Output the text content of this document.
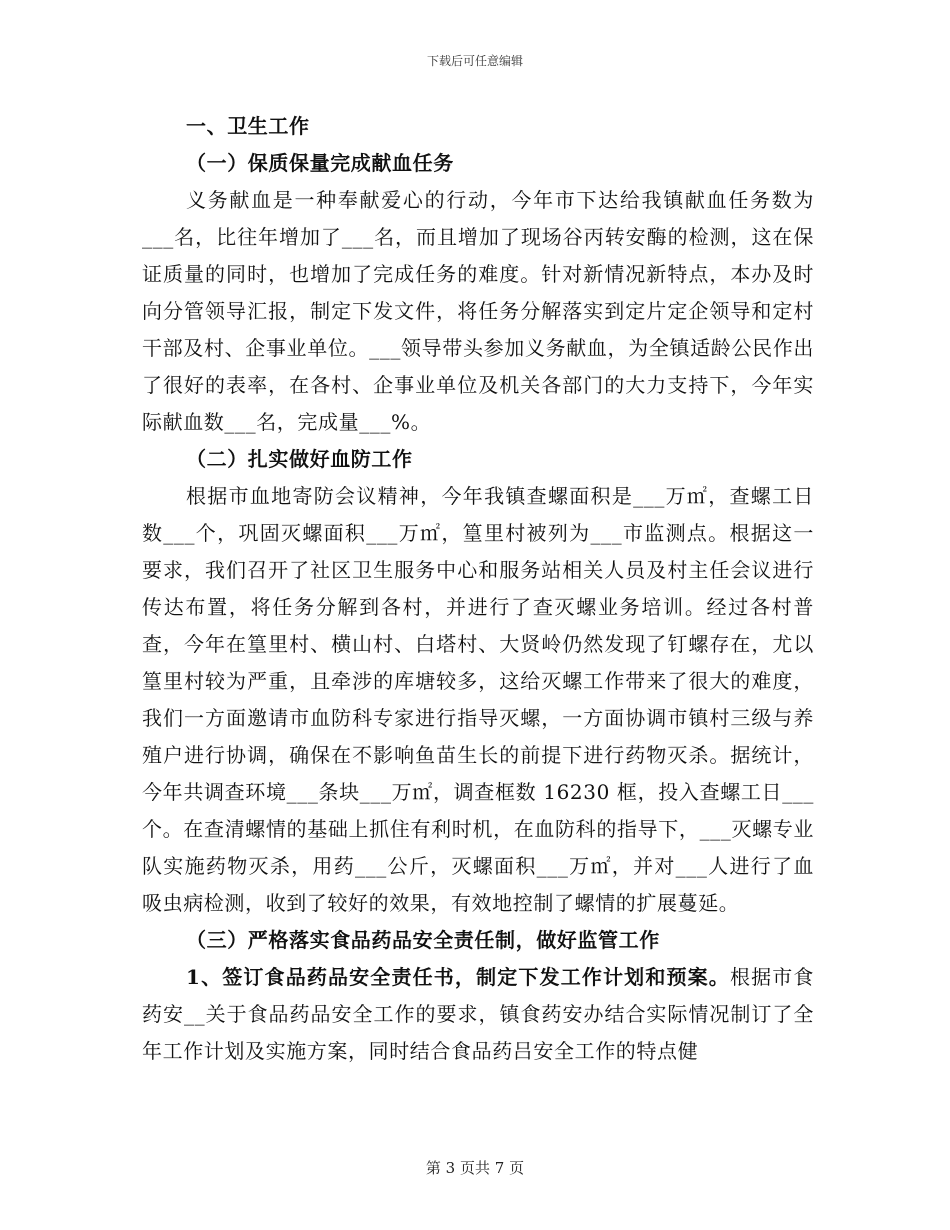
下载后可任意编辑

一、卫生工作

（一）保质保量完成献血任务

义务献血是一种奉献爱心的行动，今年市下达给我镇献血任务数为___名，比往年增加了___名，而且增加了现场谷丙转安酶的检测，这在保证质量的同时，也增加了完成任务的难度。针对新情况新特点，本办及时向分管领导汇报，制定下发文件，将任务分解落实到定片定企领导和定村干部及村、企事业单位。___领导带头参加义务献血，为全镇适龄公民作出了很好的表率，在各村、企事业单位及机关各部门的大力支持下，今年实际献血数___名，完成量___%。

（二）扎实做好血防工作

根据市血地寄防会议精神，今年我镇查螺面积是___万㎡，查螺工日数___个，巩固灭螺面积___万㎡，篁里村被列为___市监测点。根据这一要求，我们召开了社区卫生服务中心和服务站相关人员及村主任会议进行传达布置，将任务分解到各村，并进行了查灭螺业务培训。经过各村普查，今年在篁里村、横山村、白塔村、大贤岭仍然发现了钉螺存在，尤以篁里村较为严重，且牵涉的库塘较多，这给灭螺工作带来了很大的难度，我们一方面邀请市血防科专家进行指导灭螺，一方面协调市镇村三级与养殖户进行协调，确保在不影响鱼苗生长的前提下进行药物灭杀。据统计，今年共调查环境___条块___万㎡，调查框数 16230 框，投入查螺工日___个。在查清螺情的基础上抓住有利时机，在血防科的指导下，___灭螺专业队实施药物灭杀，用药___公斤，灭螺面积___万㎡，并对___人进行了血吸虫病检测，收到了较好的效果，有效地控制了螺情的扩展蔓延。

（三）严格落实食品药品安全责任制，做好监管工作

1、签订食品药品安全责任书，制定下发工作计划和预案。根据市食药安__关于食品药品安全工作的要求，镇食药安办结合实际情况制订了全年工作计划及实施方案，同时结合食品药吕安全工作的特点健

第 3 页共 7 页
